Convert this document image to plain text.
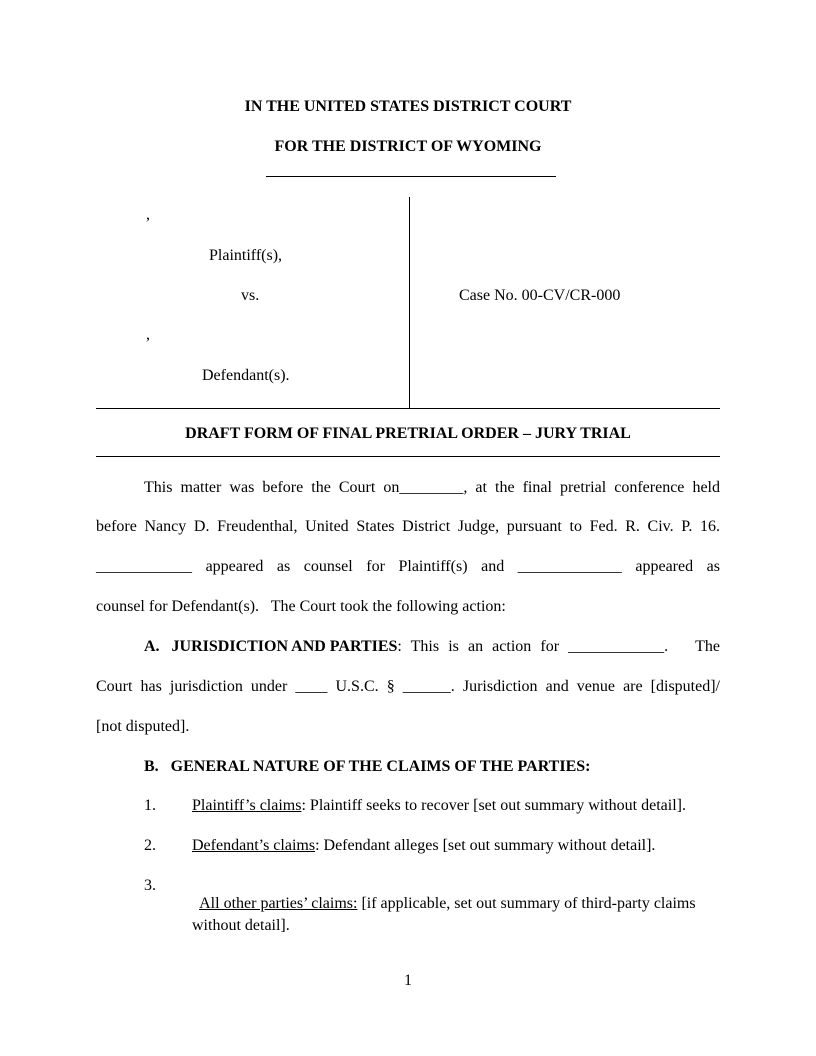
IN THE UNITED STATES DISTRICT COURT
FOR THE DISTRICT OF WYOMING
,
Plaintiff(s),
vs.
,
Defendant(s).
Case No. 00-CV/CR-000
DRAFT FORM OF FINAL PRETRIAL ORDER – JURY TRIAL
This matter was before the Court on________, at the final pretrial conference held
before Nancy D. Freudenthal, United States District Judge, pursuant to Fed. R. Civ. P. 16.
____________ appeared as counsel for Plaintiff(s) and _____________ appeared as
counsel for Defendant(s).   The Court took the following action:
A.   JURISDICTION AND PARTIES : This is an action for ____________.   The
Court has jurisdiction under ____ U.S.C. § ______. Jurisdiction and venue are [disputed]/
[not disputed].
B.   GENERAL NATURE OF THE CLAIMS OF THE PARTIES:
1. Plaintiff’s claims: Plaintiff seeks to recover [set out summary without detail].
2. Defendant’s claims: Defendant alleges [set out summary without detail].
3.

All other parties’ claims: [if applicable, set out summary of third-party claims

without detail].
1
